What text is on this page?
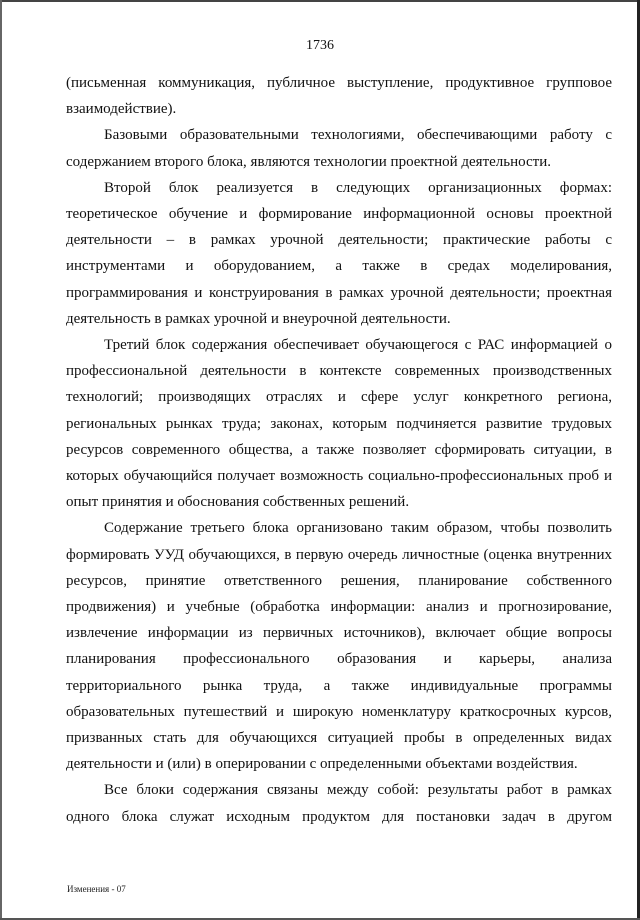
1736

(письменная коммуникация, публичное выступление, продуктивное групповое взаимодействие).

Базовыми образовательными технологиями, обеспечивающими работу с содержанием второго блока, являются технологии проектной деятельности.

Второй блок реализуется в следующих организационных формах: теоретическое обучение и формирование информационной основы проектной деятельности – в рамках урочной деятельности; практические работы с инструментами и оборудованием, а также в средах моделирования, программирования и конструирования в рамках урочной деятельности; проектная деятельность в рамках урочной и внеурочной деятельности.

Третий блок содержания обеспечивает обучающегося с РАС информацией о профессиональной деятельности в контексте современных производственных технологий; производящих отраслях и сфере услуг конкретного региона, региональных рынках труда; законах, которым подчиняется развитие трудовых ресурсов современного общества, а также позволяет сформировать ситуации, в которых обучающийся получает возможность социально-профессиональных проб и опыт принятия и обоснования собственных решений.

Содержание третьего блока организовано таким образом, чтобы позволить формировать УУД обучающихся, в первую очередь личностные (оценка внутренних ресурсов, принятие ответственного решения, планирование собственного продвижения) и учебные (обработка информации: анализ и прогнозирование, извлечение информации из первичных источников), включает общие вопросы планирования профессионального образования и карьеры, анализа территориального рынка труда, а также индивидуальные программы образовательных путешествий и широкую номенклатуру краткосрочных курсов, призванных стать для обучающихся ситуацией пробы в определенных видах деятельности и (или) в оперировании с определенными объектами воздействия.

Все блоки содержания связаны между собой: результаты работ в рамках одного блока служат исходным продуктом для постановки задач в другом

Изменения - 07
